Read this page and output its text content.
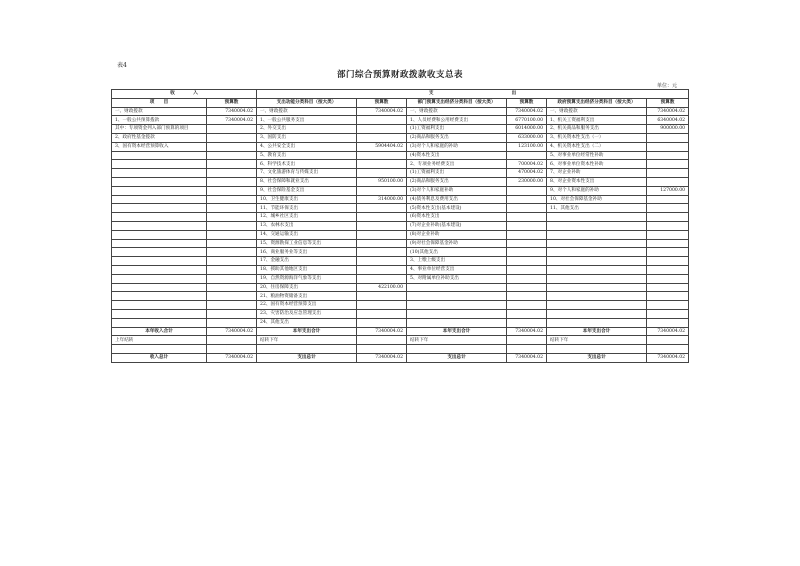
表4
部门综合预算财政拨款收支总表
单位：元
收　　　　入		支　　　　　　　　　　　　　　　　　出					
项　　目	预算数	支出功能分类科目（按大类）	预算数	部门预算支出经济分类科目（按大类）	预算数	政府预算支出经济分类科目（按大类）	预算数
一、财政拨款	7340004.02	一、财政拨款	7340004.02	一、财政拨款	7340004.02	一、财政拨款	7340004.02
1、一般公共预算拨款	7340004.02	1、一般公共服务支出		1、人员经费和公用经费支出	6770100.00	1、机关工资福利支出	6340004.02
其中：专项资金列入部门预算的项目		2、外交支出		(1)工资福利支出	6014000.00	2、机关商品和服务支出	900000.00
2、政府性基金拨款		3、国防支出		(2)商品和服务支出	633000.00	3、机关资本性支出（一）	
3、国有资本经营预算收入		4、公共安全支出	5904404.02	(3)对个人和家庭的补助	123100.00	4、机关资本性支出（二）	
		5、教育支出		(4)资本性支出		5、对事业单位经常性补助	
		6、科学技术支出		2、专项业务经费支出	700004.02	6、对事业单位资本性补助	
		7、文化旅游体育与传媒支出		(1)工资福利支出	470004.02	7、对企业补助	
		8、社会保障和就业支出	950100.00	(2)商品和服务支出	230000.00	8、对企业资本性支出	
		9、社会保险基金支出		(3)对个人和家庭补助		9、对个人和家庭的补助	127000.00
		10、卫生健康支出	314000.00	(4)债务利息及费用支出		10、对社会保障基金补助	
		11、节能环保支出		(5)资本性支出(基本建设)		11、其他支出	
		12、城乡社区支出		(6)资本性支出			
		13、农林水支出		(7)对企业补助(基本建设)			
		14、交通运输支出		(8)对企业补助			
		15、资源勘探工业信息等支出		(9)对社会保障基金补助			
		16、商业服务业等支出		(10)其他支出			
		17、金融支出		3、上缴上级支出			
		18、援助其他地区支出		4、事业单位经营支出			
		19、自然资源海洋气象等支出		5、对附属单位补助支出			
		20、住房保障支出	422100.00				
		21、粮油物资储备支出					
		22、国有资本经营预算支出					
		23、灾害防治及应急管理支出					
		24、其他支出					
本年收入合计	7340004.02	本年支出合计	7340004.02	本年支出合计	7340004.02	本年支出合计	7340004.02
上年结转		结转下年		结转下年		结转下年	

收入总计	7340004.02	支出总计	7340004.02	支出总计	7340004.02	支出总计	7340004.02
